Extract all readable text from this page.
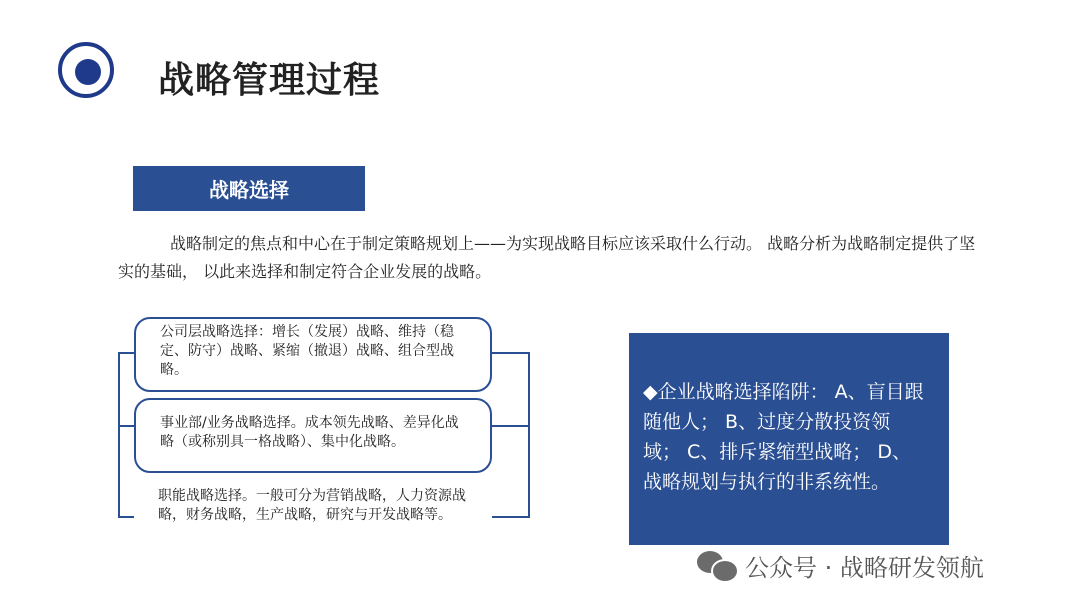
战略管理过程
战略选择
战略制定的焦点和中心在于制定策略规划上——为实现战略目标应该采取什么行动。 战略分析为战略制定提供了坚实的基础， 以此来选择和制定符合企业发展的战略。
公司层战略选择：增长（发展）战略、维持（稳定、防守）战略、紧缩（撤退）战略、组合型战略。
事业部/业务战略选择。成本领先战略、差异化战略（或称别具一格战略）、集中化战略。
职能战略选择。一般可分为营销战略，人力资源战略，财务战略，生产战略，研究与开发战略等。
◆企业战略选择陷阱： A、盲目跟随他人； B、过度分散投资领域； C、排斥紧缩型战略； D、 战略规划与执行的非系统性。
公众号 · 战略研发领航
